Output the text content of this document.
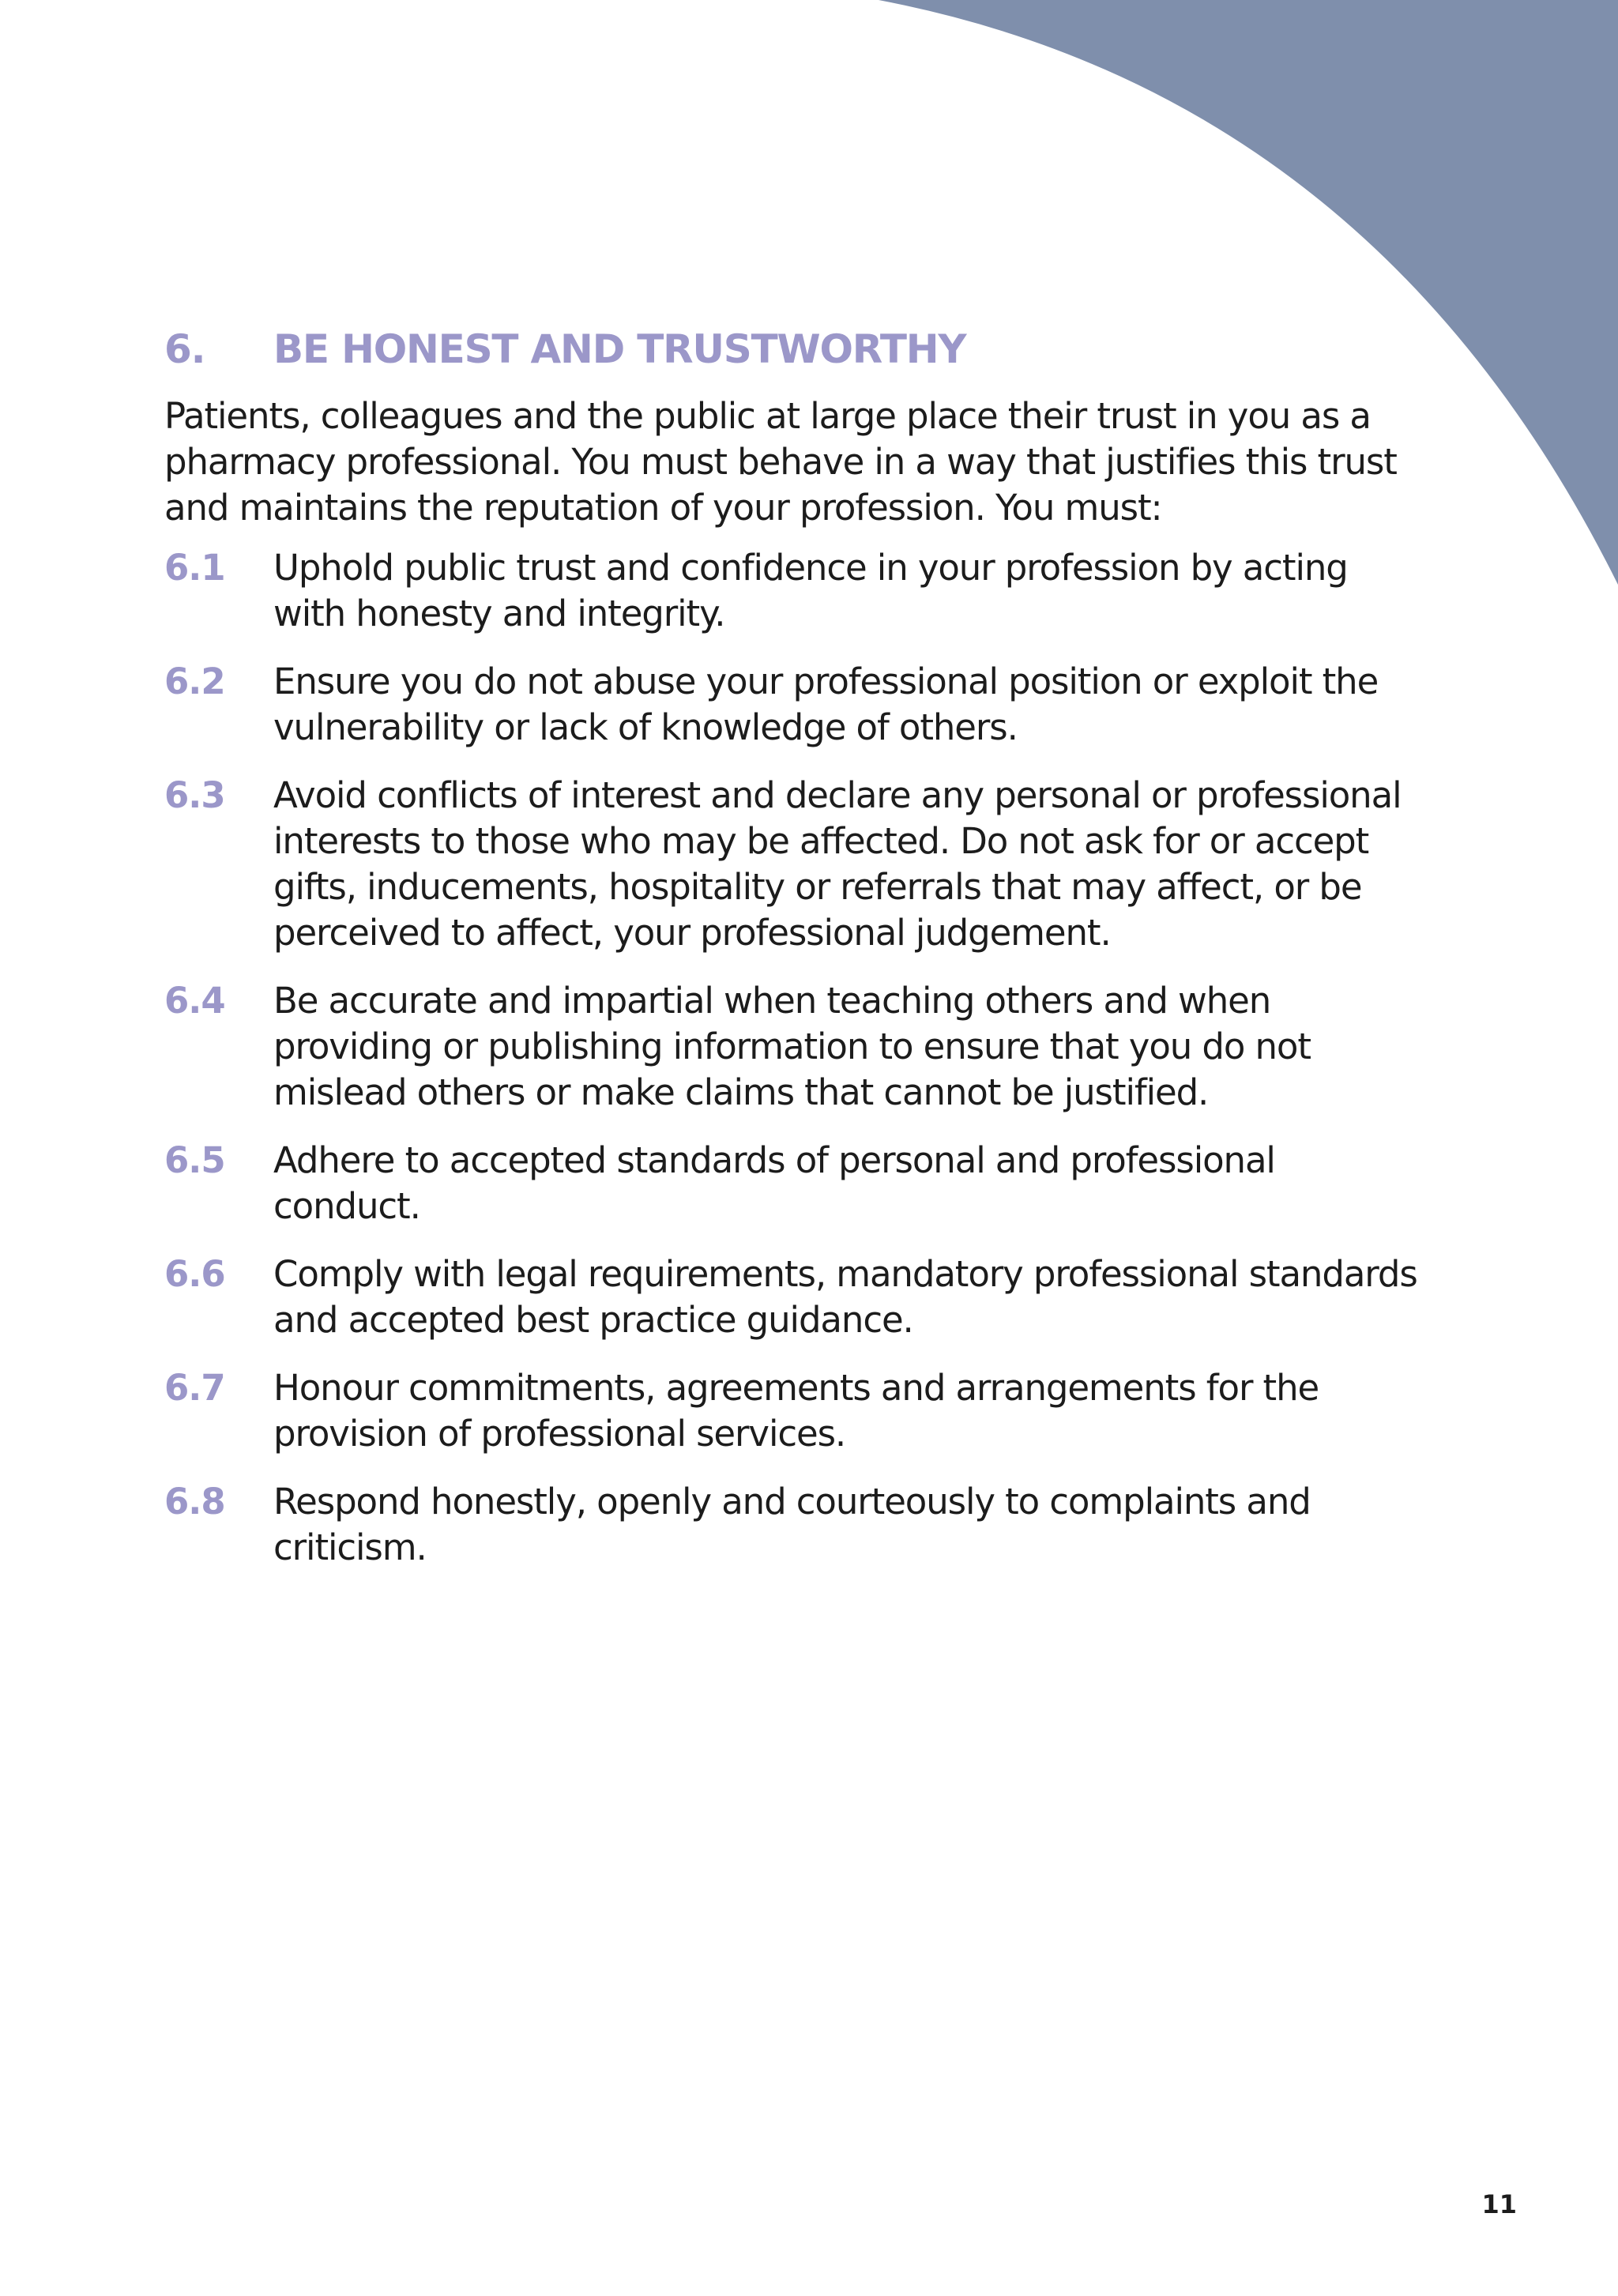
6.	BE HONEST AND TRUSTWORTHY

Patients, colleagues and the public at large place their trust in you as a pharmacy professional. You must behave in a way that justifies this trust and maintains the reputation of your profession. You must:

6.1	Uphold public trust and confidence in your profession by acting with honesty and integrity.
6.2	Ensure you do not abuse your professional position or exploit the vulnerability or lack of knowledge of others.
6.3	Avoid conflicts of interest and declare any personal or professional interests to those who may be affected. Do not ask for or accept gifts, inducements, hospitality or referrals that may affect, or be perceived to affect, your professional judgement.
6.4	Be accurate and impartial when teaching others and when providing or publishing information to ensure that you do not mislead others or make claims that cannot be justified.
6.5	Adhere to accepted standards of personal and professional conduct.
6.6	Comply with legal requirements, mandatory professional standards and accepted best practice guidance.
6.7	Honour commitments, agreements and arrangements for the provision of professional services.
6.8	Respond honestly, openly and courteously to complaints and criticism.
11
